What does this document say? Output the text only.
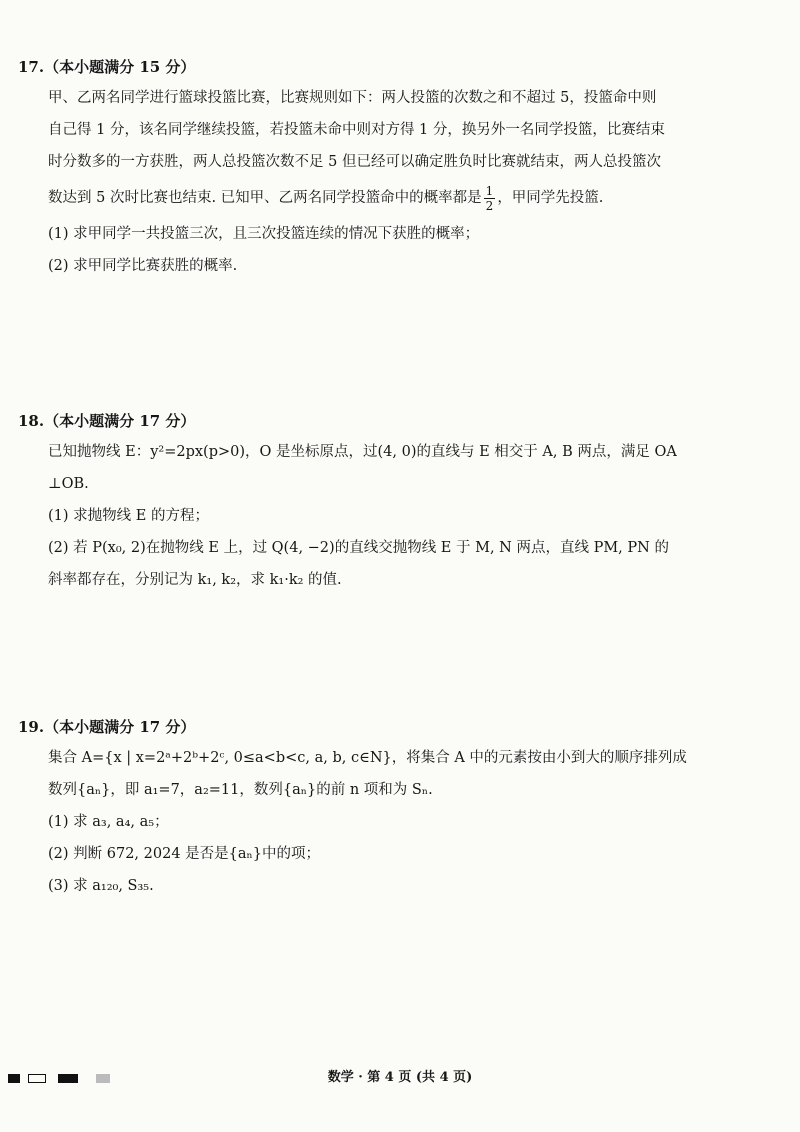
17.（本小题满分 15 分）
甲、乙两名同学进行篮球投篮比赛，比赛规则如下：两人投篮的次数之和不超过 5，投篮命中则
自己得 1 分，该名同学继续投篮，若投篮未命中则对方得 1 分，换另外一名同学投篮，比赛结束
时分数多的一方获胜，两人总投篮次数不足 5 但已经可以确定胜负时比赛就结束，两人总投篮次
数达到 5 次时比赛也结束. 已知甲、乙两名同学投篮命中的概率都是 $\frac{1}{2}$ ，甲同学先投篮.
(1) 求甲同学一共投篮三次，且三次投篮连续的情况下获胜的概率；
(2) 求甲同学比赛获胜的概率.
18.（本小题满分 17 分）
已知抛物线 E：y²=2px(p>0)，O 是坐标原点，过(4, 0)的直线与 E 相交于 A, B 两点，满足 OA
⊥OB.
(1) 求抛物线 E 的方程；
(2) 若 P(x₀, 2)在抛物线 E 上，过 Q(4, −2)的直线交抛物线 E 于 M, N 两点，直线 PM, PN 的
斜率都存在，分别记为 k₁, k₂，求 k₁·k₂ 的值.
19.（本小题满分 17 分）
集合 A={x | x=2ᵃ+2ᵇ+2ᶜ, 0≤a<b<c, a, b, c∈N}，将集合 A 中的元素按由小到大的顺序排列成
数列{aₙ}，即 a₁=7，a₂=11，数列{aₙ}的前 n 项和为 Sₙ.
(1) 求 a₃, a₄, a₅；
(2) 判断 672, 2024 是否是{aₙ}中的项；
(3) 求 a₁₂₀, S₃₅.
数学 · 第 4 页 (共 4 页)
